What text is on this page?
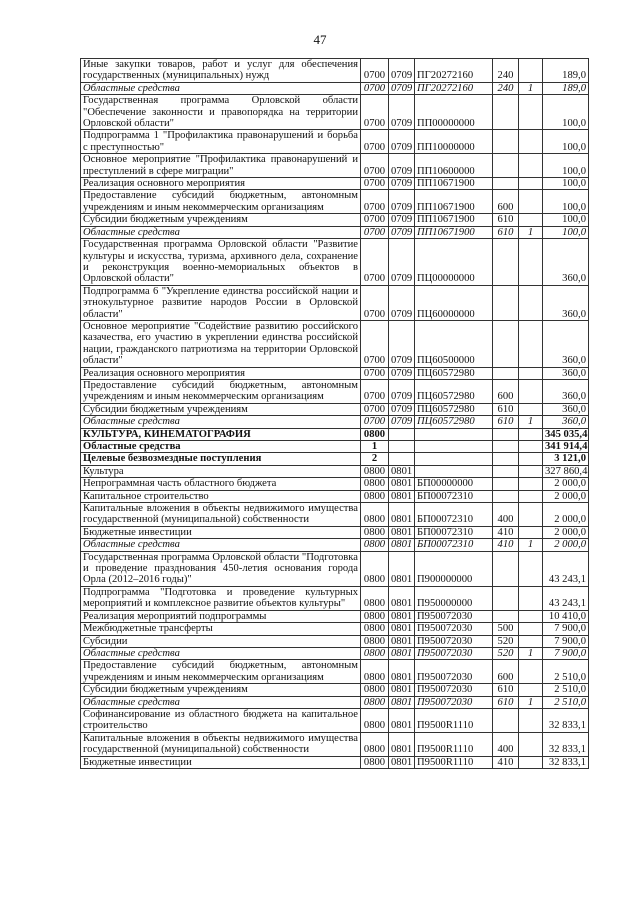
47
Иные закупки товаров, работ и услуг для обеспечения государственных (муниципальных) нужд	0700	0709	ПГ20272160	240		189,0
Областные средства	0700	0709	ПГ20272160	240	1	189,0
Государственная программа Орловской области "Обеспечение законности и правопорядка на территории Орловской области"	0700	0709	ПП00000000			100,0
Подпрограмма 1 "Профилактика правонарушений и борьба с преступностью"	0700	0709	ПП10000000			100,0
Основное мероприятие "Профилактика правонарушений и преступлений в сфере миграции"	0700	0709	ПП10600000			100,0
Реализация основного мероприятия	0700	0709	ПП10671900			100,0
Предоставление субсидий бюджетным, автономным учреждениям и иным некоммерческим организациям	0700	0709	ПП10671900	600		100,0
Субсидии бюджетным учреждениям	0700	0709	ПП10671900	610		100,0
Областные средства	0700	0709	ПП10671900	610	1	100,0
Государственная программа Орловской области "Развитие культуры и искусства, туризма, архивного дела, сохранение и реконструкция военно-мемориальных объектов в Орловской области"	0700	0709	ПЦ00000000			360,0
Подпрограмма 6 "Укрепление единства российской нации и этнокультурное развитие народов России в Орловской области"	0700	0709	ПЦ60000000			360,0
Основное мероприятие "Содействие развитию российского казачества, его участию в укреплении единства российской нации, гражданского патриотизма на территории Орловской области"	0700	0709	ПЦ60500000			360,0
Реализация основного мероприятия	0700	0709	ПЦ60572980			360,0
Предоставление субсидий бюджетным, автономным учреждениям и иным некоммерческим организациям	0700	0709	ПЦ60572980	600		360,0
Субсидии бюджетным учреждениям	0700	0709	ПЦ60572980	610		360,0
Областные средства	0700	0709	ПЦ60572980	610	1	360,0
КУЛЬТУРА, КИНЕМАТОГРАФИЯ	0800					345 035,4
Областные средства	1					341 914,4
Целевые безвозмездные поступления	2					3 121,0
Культура	0800	0801				327 860,4
Непрограммная часть областного бюджета	0800	0801	БП00000000			2 000,0
Капитальное строительство	0800	0801	БП00072310			2 000,0
Капитальные вложения в объекты недвижимого имущества государственной (муниципальной) собственности	0800	0801	БП00072310	400		2 000,0
Бюджетные инвестиции	0800	0801	БП00072310	410		2 000,0
Областные средства	0800	0801	БП00072310	410	1	2 000,0
Государственная программа Орловской области "Подготовка и проведение празднования 450-летия основания города Орла (2012–2016 годы)"	0800	0801	П900000000			43 243,1
Подпрограмма "Подготовка и проведение культурных мероприятий и комплексное развитие объектов культуры"	0800	0801	П950000000			43 243,1
Реализация мероприятий подпрограммы	0800	0801	П950072030			10 410,0
Межбюджетные трансферты	0800	0801	П950072030	500		7 900,0
Субсидии	0800	0801	П950072030	520		7 900,0
Областные средства	0800	0801	П950072030	520	1	7 900,0
Предоставление субсидий бюджетным, автономным учреждениям и иным некоммерческим организациям	0800	0801	П950072030	600		2 510,0
Субсидии бюджетным учреждениям	0800	0801	П950072030	610		2 510,0
Областные средства	0800	0801	П950072030	610	1	2 510,0
Софинансирование из областного бюджета на капитальное строительство	0800	0801	П9500R1110			32 833,1
Капитальные вложения в объекты недвижимого имущества государственной (муниципальной) собственности	0800	0801	П9500R1110	400		32 833,1
Бюджетные инвестиции	0800	0801	П9500R1110	410		32 833,1
